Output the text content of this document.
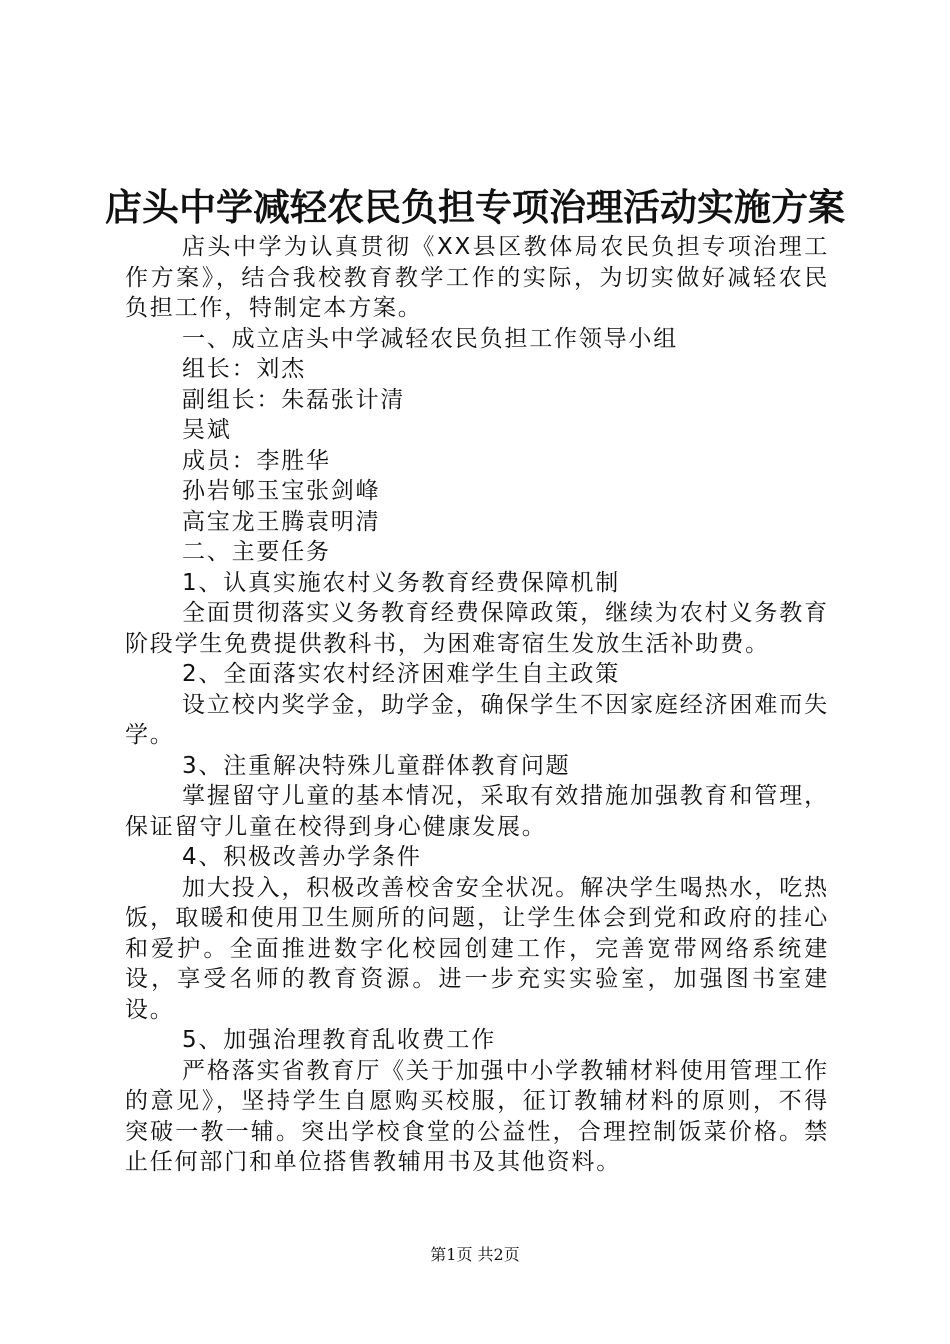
店头中学减轻农民负担专项治理活动实施方案

店头中学为认真贯彻《XX县区教体局农民负担专项治理工作方案》，结合我校教育教学工作的实际，为切实做好减轻农民负担工作，特制定本方案。

一、成立店头中学减轻农民负担工作领导小组

组长：刘杰

副组长：朱磊张计清

吴斌

成员：李胜华

孙岩郇玉宝张剑峰

高宝龙王腾袁明清

二、主要任务

1、认真实施农村义务教育经费保障机制

全面贯彻落实义务教育经费保障政策，继续为农村义务教育阶段学生免费提供教科书，为困难寄宿生发放生活补助费。

2、全面落实农村经济困难学生自主政策

设立校内奖学金，助学金，确保学生不因家庭经济困难而失学。

3、注重解决特殊儿童群体教育问题

掌握留守儿童的基本情况，采取有效措施加强教育和管理，保证留守儿童在校得到身心健康发展。

4、积极改善办学条件

加大投入，积极改善校舍安全状况。解决学生喝热水，吃热饭，取暖和使用卫生厕所的问题，让学生体会到党和政府的挂心和爱护。全面推进数字化校园创建工作，完善宽带网络系统建设，享受名师的教育资源。进一步充实实验室，加强图书室建设。

5、加强治理教育乱收费工作

严格落实省教育厅《关于加强中小学教辅材料使用管理工作的意见》，坚持学生自愿购买校服，征订教辅材料的原则，不得突破一教一辅。突出学校食堂的公益性，合理控制饭菜价格。禁止任何部门和单位搭售教辅用书及其他资料。

第1页 共2页
